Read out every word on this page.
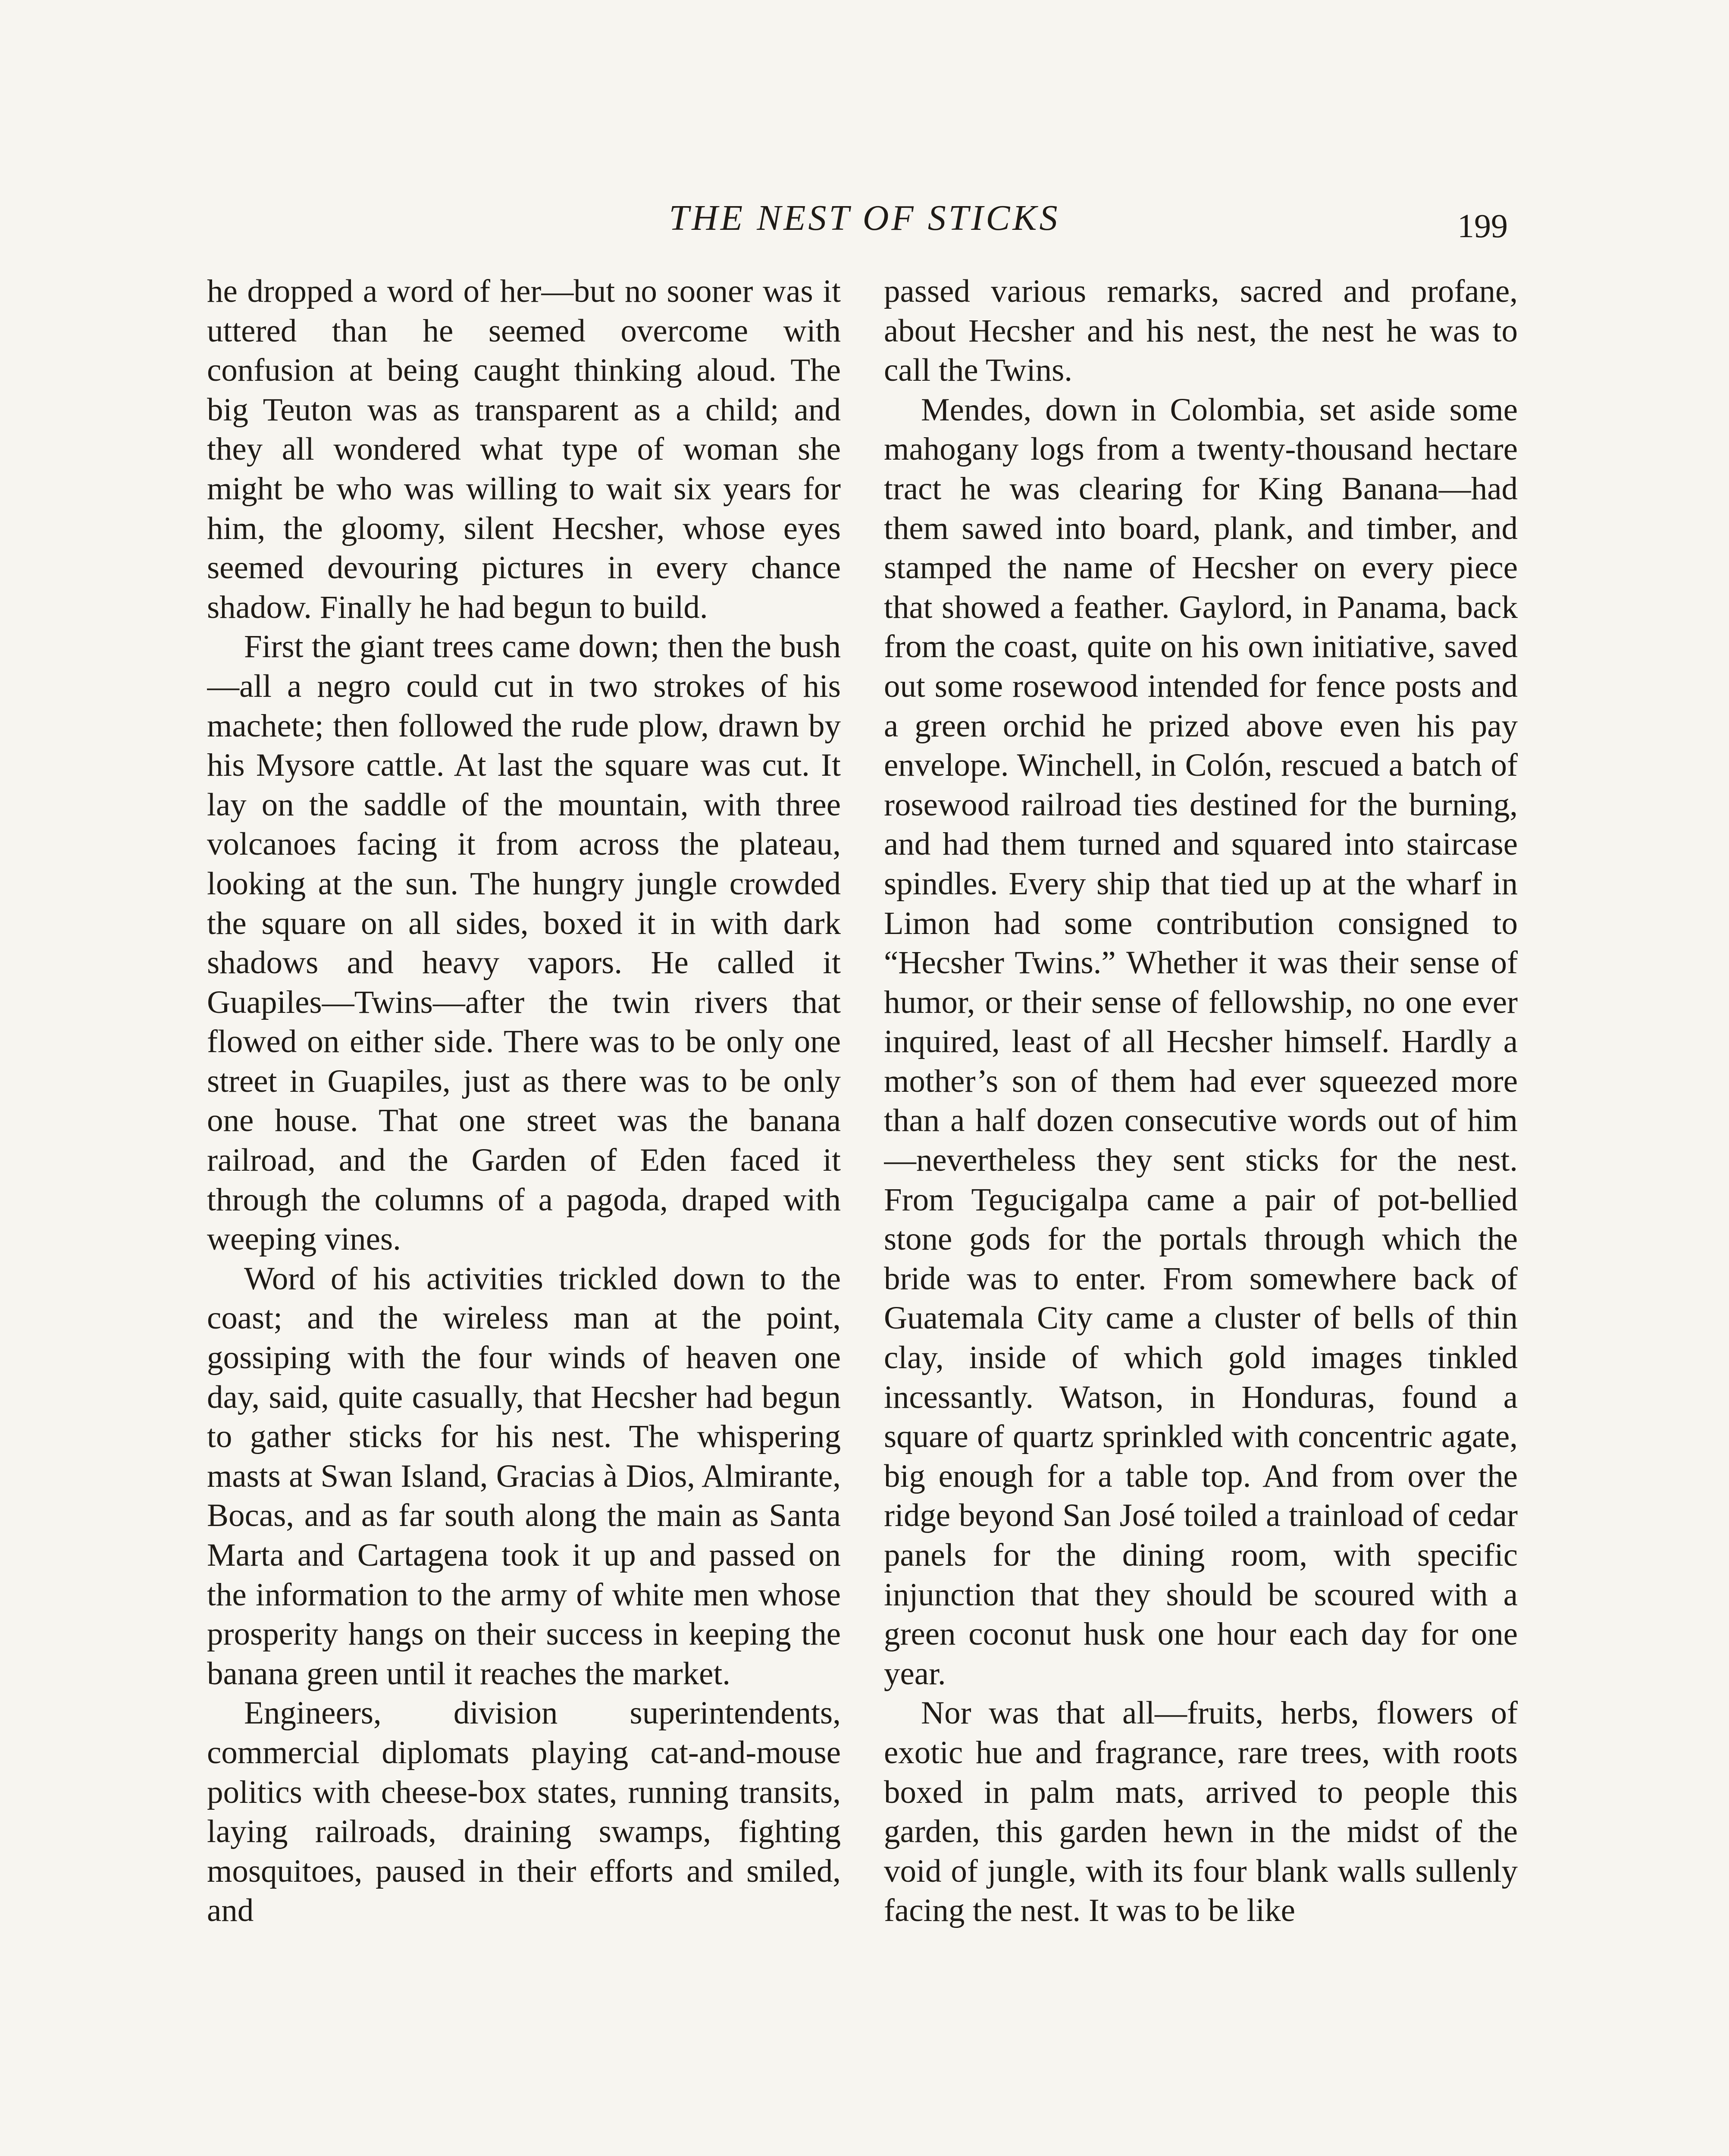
THE NEST OF STICKS	199

he dropped a word of her—but no sooner was it uttered than he seemed overcome with confusion at being caught thinking aloud. The big Teuton was as transparent as a child; and they all wondered what type of woman she might be who was willing to wait six years for him, the gloomy, silent Hecsher, whose eyes seemed devouring pictures in every chance shadow. Finally he had begun to build.

First the giant trees came down; then the bush—all a negro could cut in two strokes of his machete; then followed the rude plow, drawn by his Mysore cattle. At last the square was cut. It lay on the saddle of the mountain, with three volcanoes facing it from across the plateau, looking at the sun. The hungry jungle crowded the square on all sides, boxed it in with dark shadows and heavy vapors. He called it Guapiles—Twins—after the twin rivers that flowed on either side. There was to be only one street in Guapiles, just as there was to be only one house. That one street was the banana railroad, and the Garden of Eden faced it through the columns of a pagoda, draped with weeping vines.

Word of his activities trickled down to the coast; and the wireless man at the point, gossiping with the four winds of heaven one day, said, quite casually, that Hecsher had begun to gather sticks for his nest. The whispering masts at Swan Island, Gracias à Dios, Almirante, Bocas, and as far south along the main as Santa Marta and Cartagena took it up and passed on the information to the army of white men whose prosperity hangs on their success in keeping the banana green until it reaches the market.

Engineers, division superintendents, commercial diplomats playing cat-and-mouse politics with cheese-box states, running transits, laying railroads, draining swamps, fighting mosquitoes, paused in their efforts and smiled, and

passed various remarks, sacred and profane, about Hecsher and his nest, the nest he was to call the Twins.

Mendes, down in Colombia, set aside some mahogany logs from a twenty-thousand hectare tract he was clearing for King Banana—had them sawed into board, plank, and timber, and stamped the name of Hecsher on every piece that showed a feather. Gaylord, in Panama, back from the coast, quite on his own initiative, saved out some rosewood intended for fence posts and a green orchid he prized above even his pay envelope. Winchell, in Colón, rescued a batch of rosewood railroad ties destined for the burning, and had them turned and squared into staircase spindles. Every ship that tied up at the wharf in Limon had some contribution consigned to “Hecsher Twins.” Whether it was their sense of humor, or their sense of fellowship, no one ever inquired, least of all Hecsher himself. Hardly a mother’s son of them had ever squeezed more than a half dozen consecutive words out of him—nevertheless they sent sticks for the nest. From Tegucigalpa came a pair of pot-bellied stone gods for the portals through which the bride was to enter. From somewhere back of Guatemala City came a cluster of bells of thin clay, inside of which gold images tinkled incessantly. Watson, in Honduras, found a square of quartz sprinkled with concentric agate, big enough for a table top. And from over the ridge beyond San José toiled a trainload of cedar panels for the dining room, with specific injunction that they should be scoured with a green coconut husk one hour each day for one year.

Nor was that all—fruits, herbs, flowers of exotic hue and fragrance, rare trees, with roots boxed in palm mats, arrived to people this garden, this garden hewn in the midst of the void of jungle, with its four blank walls sullenly facing the nest. It was to be like
